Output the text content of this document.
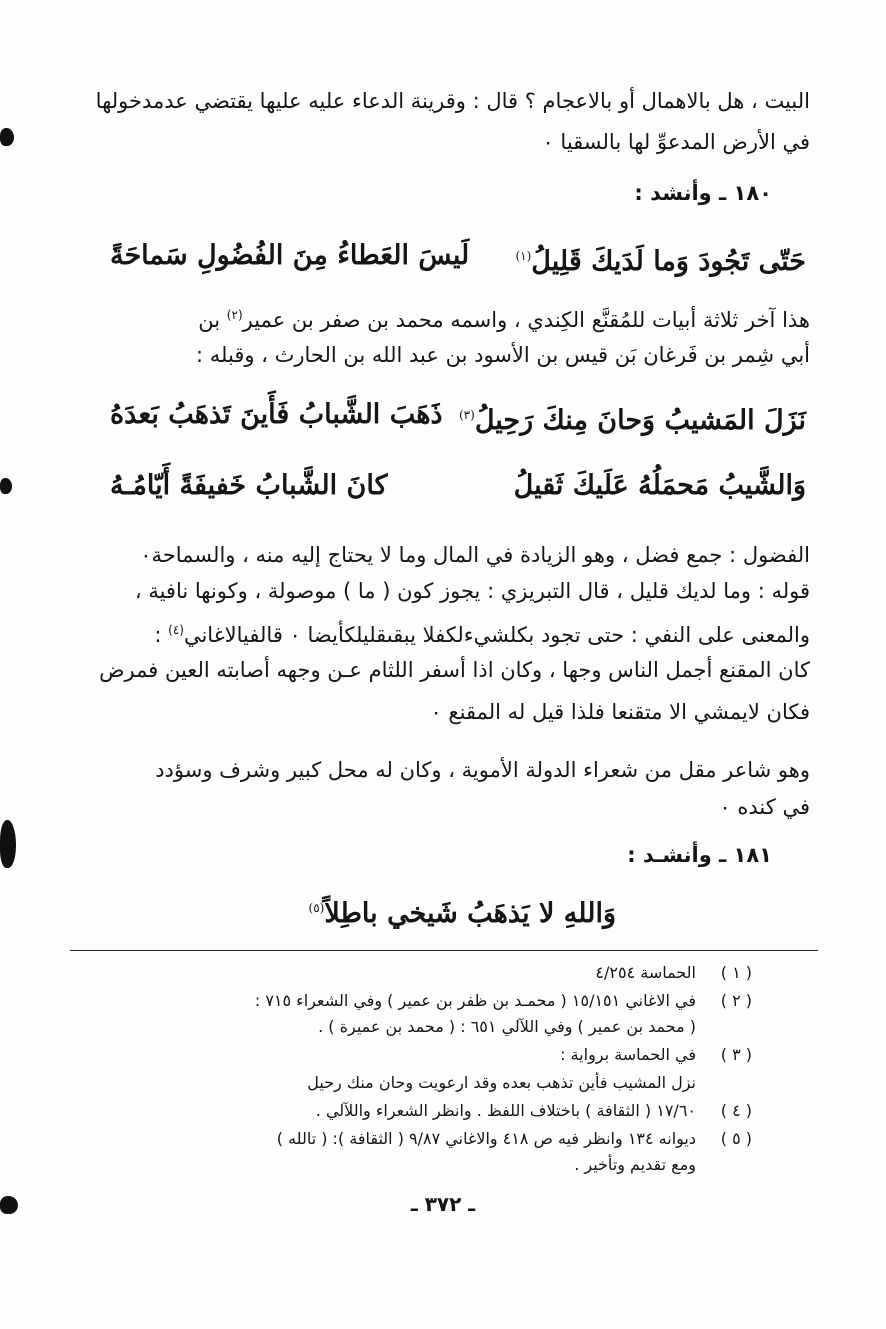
البيت ، هل بالاهمال أو بالاعجام ؟ قال : وقرينة الدعاء عليه عليها يقتضي عدمدخولها
في الأرض المدعوِّ لها بالسقيا ٠
١٨٠ ـ وأنشد :
حَتّى تَجُودَ وَما لَدَيكَ قَلِيلُ$^{(١)}$
لَيسَ العَطاءُ مِنَ الفُضُولِ سَماحَةً
هذا آخر ثلاثة أبيات للمُقنَّع الكِندي ، واسمه محمد بن صفر بن عمير$^{(٢)}$ بن
أبي شِمر بن فَرغان بَن قيس بن الأسود بن عبد الله بن الحارث ، وقبله :
نَزَلَ المَشيبُ وَحانَ مِنكَ رَحِيلُ$^{(٣)}$
ذَهَبَ الشَّبابُ فَأَينَ تَذهَبُ بَعدَهُ
وَالشَّيبُ مَحمَلُهُ عَلَيكَ ثَقيلُ
كانَ الشَّبابُ خَفيفَةً أَيّامُـهُ
الفضول : جمع فضل ، وهو الزيادة في المال وما لا يحتاج إليه منه ، والسماحة٠
قوله : وما لديك قليل ، قال التبريزي : يجوز كون ( ما ) موصولة ، وكونها نافية ،
والمعنى على النفي : حتى تجود بكلشيءلكفلا يبقىقليلكأيضا ٠ قالفيالاغاني$^{(٤)}$ :
كان المقنع أجمل الناس وجها ، وكان اذا أسفر اللثام عـن وجهه أصابته العين فمرض
فكان لايمشي الا متقنعا فلذا قيل له المقنع ٠
وهو شاعر مقل من شعراء الدولة الأموية ، وكان له محل كبير وشرف وسؤدد
في كنده ٠
١٨١ ـ وأنشـد :
وَاللهِ لا يَذهَبُ شَيخي باطِلاً$^{(٥)}$
( ١ )
الحماسة ٤/٢٥٤
( ٢ )
في الاغاني ١٥/١٥١ ( محمـد بن ظفر بن عمير ) وفي الشعراء ٧١٥ :
( محمد بن عمير ) وفي اللآلي ٦٥١ : ( محمد بن عميرة ) .
( ٣ )
في الحماسة برواية :
نزل المشيب فأين تذهب بعده وقد ارعويت وحان منك رحيل
( ٤ )
١٧/٦٠ ( الثقافة ) باختلاف اللفظ . وانظر الشعراء واللآلي .
( ٥ )
ديوانه ١٣٤ وانظر فيه ص ٤١٨ والاغاني ٩/٨٧ ( الثقافة ): ( تالله )
ومع تقديم وتأخير .
ـ ٣٧٢ ـ
